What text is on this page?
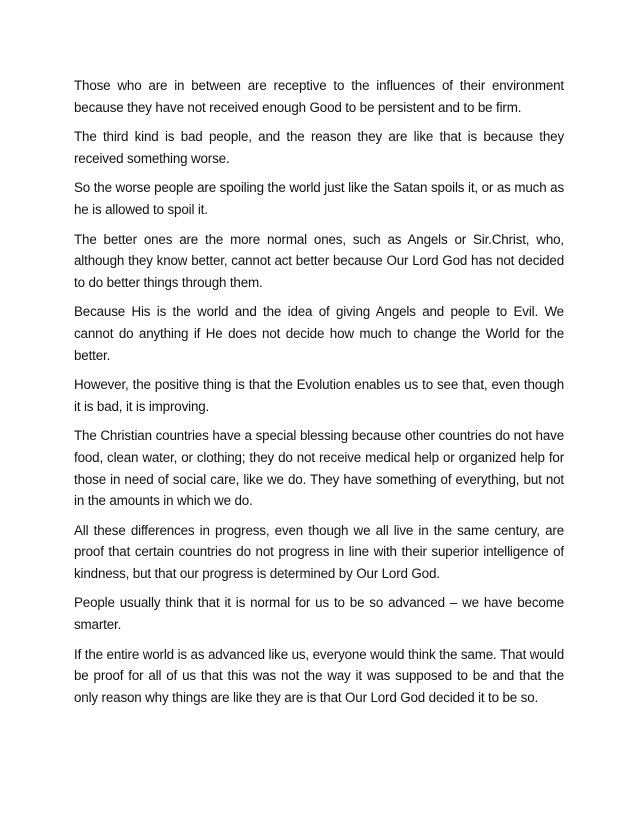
Those who are in between are receptive to the influences of their environment because they have not received enough Good to be persistent and to be firm.

The third kind is bad people, and the reason they are like that is because they received something worse.

So the worse people are spoiling the world just like the Satan spoils it, or as much as he is allowed to spoil it.

The better ones are the more normal ones, such as Angels or Sir.Christ, who, although they know better, cannot act better because Our Lord God has not decided to do better things through them.

Because His is the world and the idea of giving Angels and people to Evil. We cannot do anything if He does not decide how much to change the World for the better.

However, the positive thing is that the Evolution enables us to see that, even though it is bad, it is improving.

The Christian countries have a special blessing because other countries do not have food, clean water, or clothing; they do not receive medical help or organized help for those in need of social care, like we do. They have something of everything, but not in the amounts in which we do.

All these differences in progress, even though we all live in the same century, are proof that certain countries do not progress in line with their superior intelligence of kindness, but that our progress is determined by Our Lord God.

People usually think that it is normal for us to be so advanced – we have become smarter.

If the entire world is as advanced like us, everyone would think the same. That would be proof for all of us that this was not the way it was supposed to be and that the only reason why things are like they are is that Our Lord God decided it to be so.
